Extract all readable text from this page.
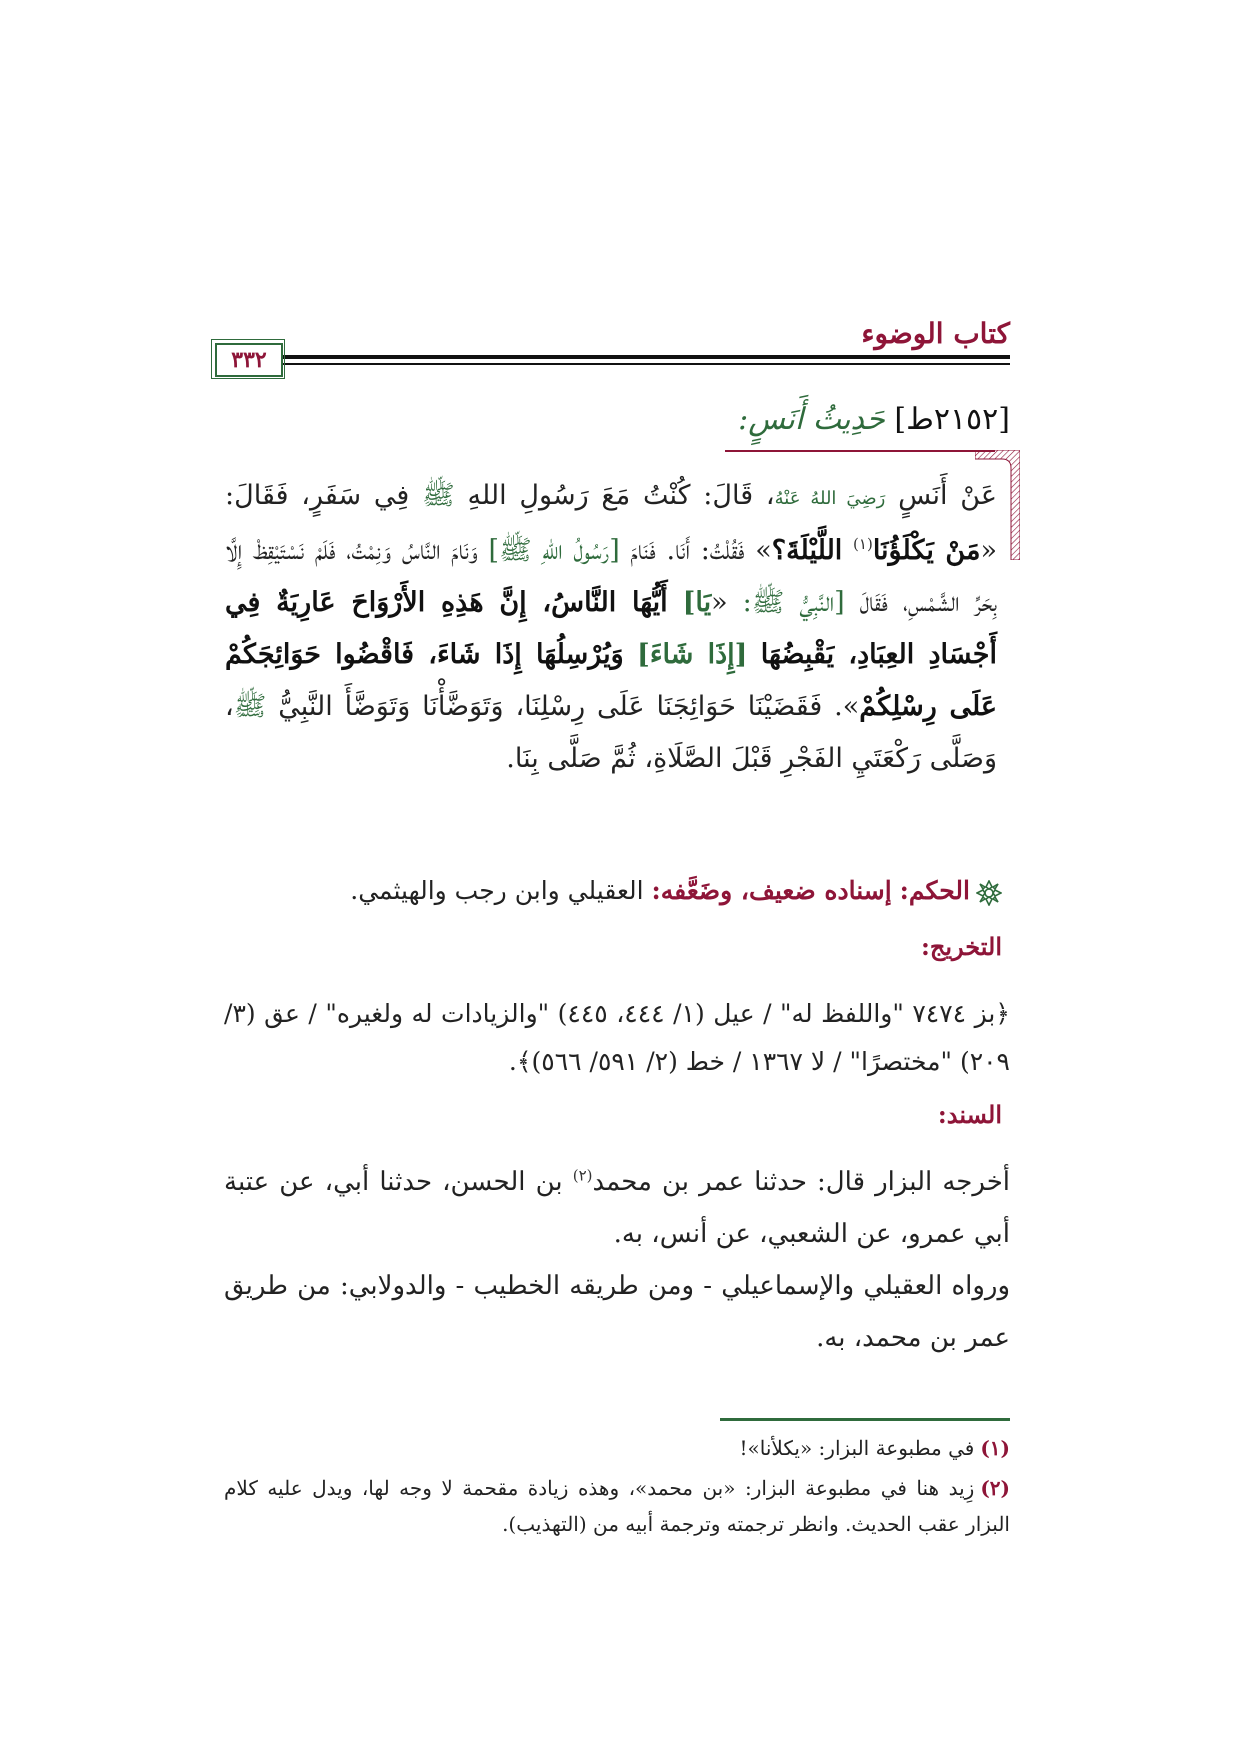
كتاب الوضوء
٣٣٢
[٢١٥٢ط] حَدِيثُ أَنَسٍ:
عَنْ أَنَسٍ رَضِيَ اللهُ عَنْهُ، قَالَ: كُنْتُ مَعَ رَسُولِ اللهِ ﷺ فِي سَفَرٍ، فَقَالَ: «مَنْ يَكْلَؤُنَا$^{(١)}$ اللَّيْلَةَ؟» فَقُلْتُ: أَنَا. فَنَامَ [رَسُولُ اللهِ ﷺ] وَنَامَ النَّاسُ وَنِمْتُ، فَلَمْ نَسْتَيْقِظْ إِلَّا بِحَرِّ الشَّمْسِ، فَقَالَ [النَّبِيُّ ﷺ: «يَا] أَيُّهَا النَّاسُ، إِنَّ هَذِهِ الأَرْوَاحَ عَارِيَةٌ فِي أَجْسَادِ العِبَادِ، يَقْبِضُهَا [إِذَا شَاءَ] وَيُرْسِلُهَا إِذَا شَاءَ، فَاقْضُوا حَوَائِجَكُمْ عَلَى رِسْلِكُمْ». فَقَضَيْنَا حَوَائِجَنَا عَلَى رِسْلِنَا، وَتَوَضَّأْنَا وَتَوَضَّأَ النَّبِيُّ ﷺ، وَصَلَّى رَكْعَتَيِ الفَجْرِ قَبْلَ الصَّلَاةِ، ثُمَّ صَلَّى بِنَا.
الحكم: إسناده ضعيف، وضَعَّفه: العقيلي وابن رجب والهيثمي.
التخريج:
﴿بز ٧٤٧٤ "واللفظ له" / عيل (١/ ٤٤٤، ٤٤٥) "والزيادات له ولغيره" / عق (٣/ ٢٠٩) "مختصرًا" / لا ١٣٦٧ / خط (٢/ ٥٩١/ ٥٦٦)﴾.
السند:
أخرجه البزار قال: حدثنا عمر بن محمد$^{(٢)}$ بن الحسن، حدثنا أبي، عن عتبة أبي عمرو، عن الشعبي، عن أنس، به.
ورواه العقيلي والإسماعيلي - ومن طريقه الخطيب - والدولابي: من طريق عمر بن محمد، به.
(١)في مطبوعة البزار: «يكلأنا»!
(٢)زِيد هنا في مطبوعة البزار: «بن محمد»، وهذه زيادة مقحمة لا وجه لها، ويدل عليه كلام البزار عقب الحديث. وانظر ترجمته وترجمة أبيه من (التهذيب).
